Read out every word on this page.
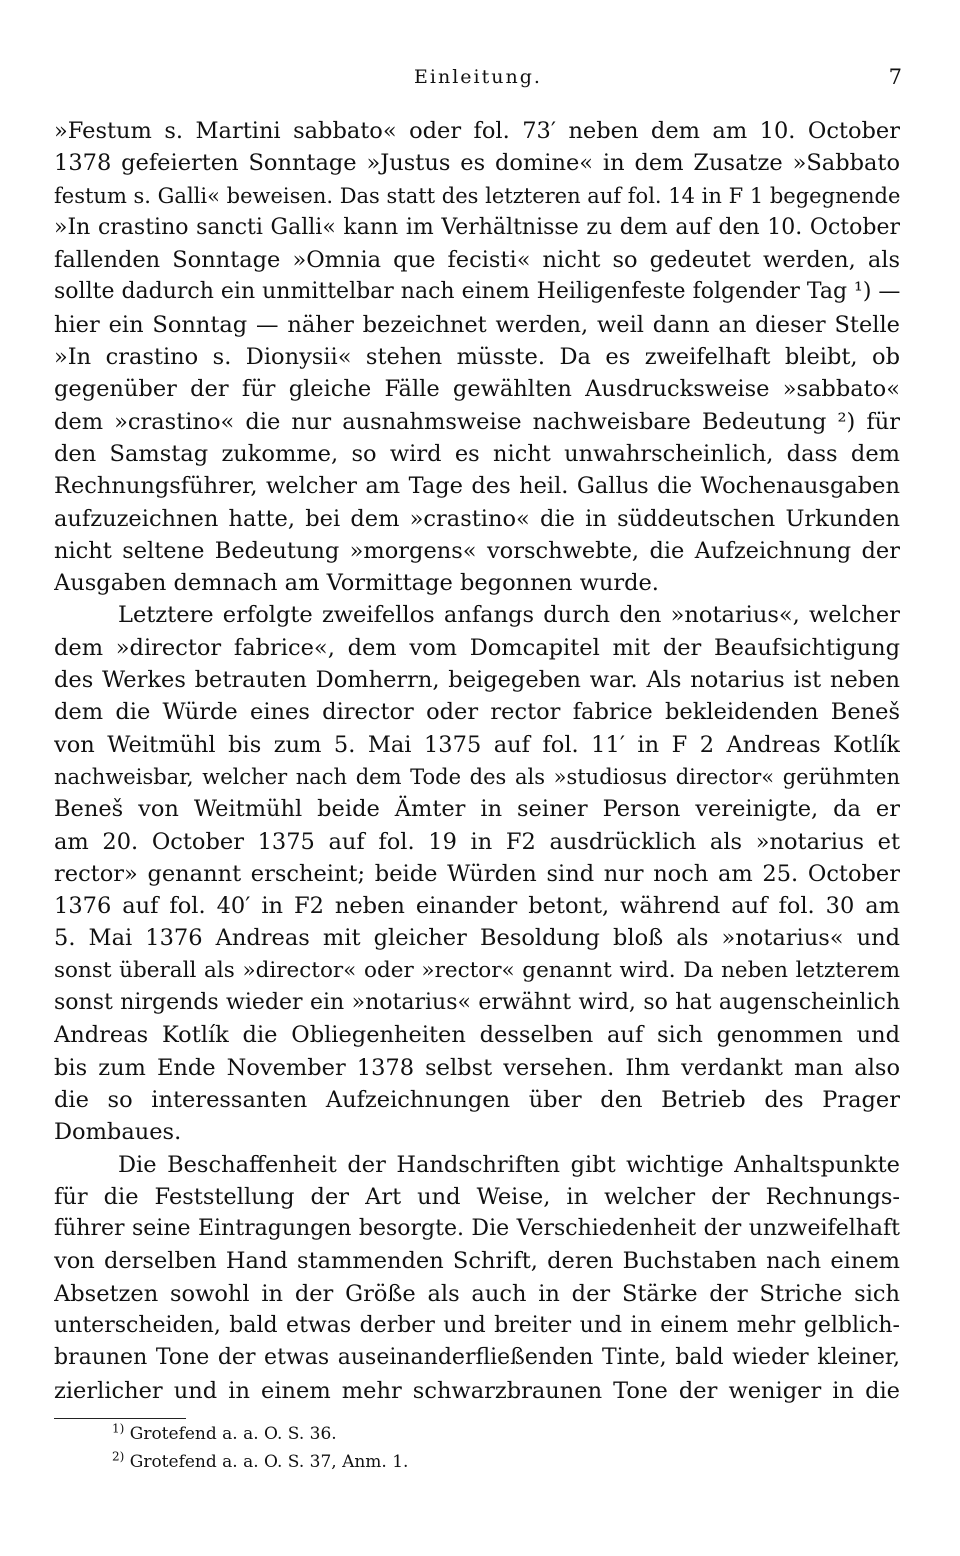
Einleitung.	7
»Festum s. Martini sabbato« oder fol. 73′ neben dem am 10. October
1378 gefeierten Sonntage »Justus es domine« in dem Zusatze »Sabbato
festum s. Galli« beweisen. Das statt des letzteren auf fol. 14 in F 1 begegnende
»In crastino sancti Galli« kann im Verhältnisse zu dem auf den 10. October
fallenden Sonntage »Omnia que fecisti« nicht so gedeutet werden, als
sollte dadurch ein unmittelbar nach einem Heiligenfeste folgender Tag ¹) —
hier ein Sonntag — näher bezeichnet werden, weil dann an dieser Stelle
»In crastino s. Dionysii« stehen müsste. Da es zweifelhaft bleibt, ob
gegenüber der für gleiche Fälle gewählten Ausdrucksweise »sabbato«
dem »crastino« die nur ausnahmsweise nachweisbare Bedeutung ²) für
den Samstag zukomme, so wird es nicht unwahrscheinlich, dass dem
Rechnungsführer, welcher am Tage des heil. Gallus die Wochenausgaben
aufzuzeichnen hatte, bei dem »crastino« die in süddeutschen Urkunden
nicht seltene Bedeutung »morgens« vorschwebte, die Aufzeichnung der
Ausgaben demnach am Vormittage begonnen wurde.
Letztere erfolgte zweifellos anfangs durch den »notarius«, welcher
dem »director fabrice«, dem vom Domcapitel mit der Beaufsichtigung
des Werkes betrauten Domherrn, beigegeben war. Als notarius ist neben
dem die Würde eines director oder rector fabrice bekleidenden Beneš
von Weitmühl bis zum 5. Mai 1375 auf fol. 11′ in F 2 Andreas Kotlík
nachweisbar, welcher nach dem Tode des als »studiosus director« gerühmten
Beneš von Weitmühl beide Ämter in seiner Person vereinigte, da er
am 20. October 1375 auf fol. 19 in F2 ausdrücklich als »notarius et
rector» genannt erscheint; beide Würden sind nur noch am 25. October
1376 auf fol. 40′ in F2 neben einander betont, während auf fol. 30 am
5. Mai 1376 Andreas mit gleicher Besoldung bloß als »notarius« und
sonst überall als »director« oder »rector« genannt wird. Da neben letzterem
sonst nirgends wieder ein »notarius« erwähnt wird, so hat augenscheinlich
Andreas Kotlík die Obliegenheiten desselben auf sich genommen und
bis zum Ende November 1378 selbst versehen. Ihm verdankt man also
die so interessanten Aufzeichnungen über den Betrieb des Prager
Dombaues.
Die Beschaffenheit der Handschriften gibt wichtige Anhaltspunkte
für die Feststellung der Art und Weise, in welcher der Rechnungs-
führer seine Eintragungen besorgte. Die Verschiedenheit der unzweifelhaft
von derselben Hand stammenden Schrift, deren Buchstaben nach einem
Absetzen sowohl in der Größe als auch in der Stärke der Striche sich
unterscheiden, bald etwas derber und breiter und in einem mehr gelblich-
braunen Tone der etwas auseinanderfließenden Tinte, bald wieder kleiner,
zierlicher und in einem mehr schwarzbraunen Tone der weniger in die
$^{1)}$ Grotefend a. a. O. S. 36.
$^{2)}$ Grotefend a. a. O. S. 37, Anm. 1.
